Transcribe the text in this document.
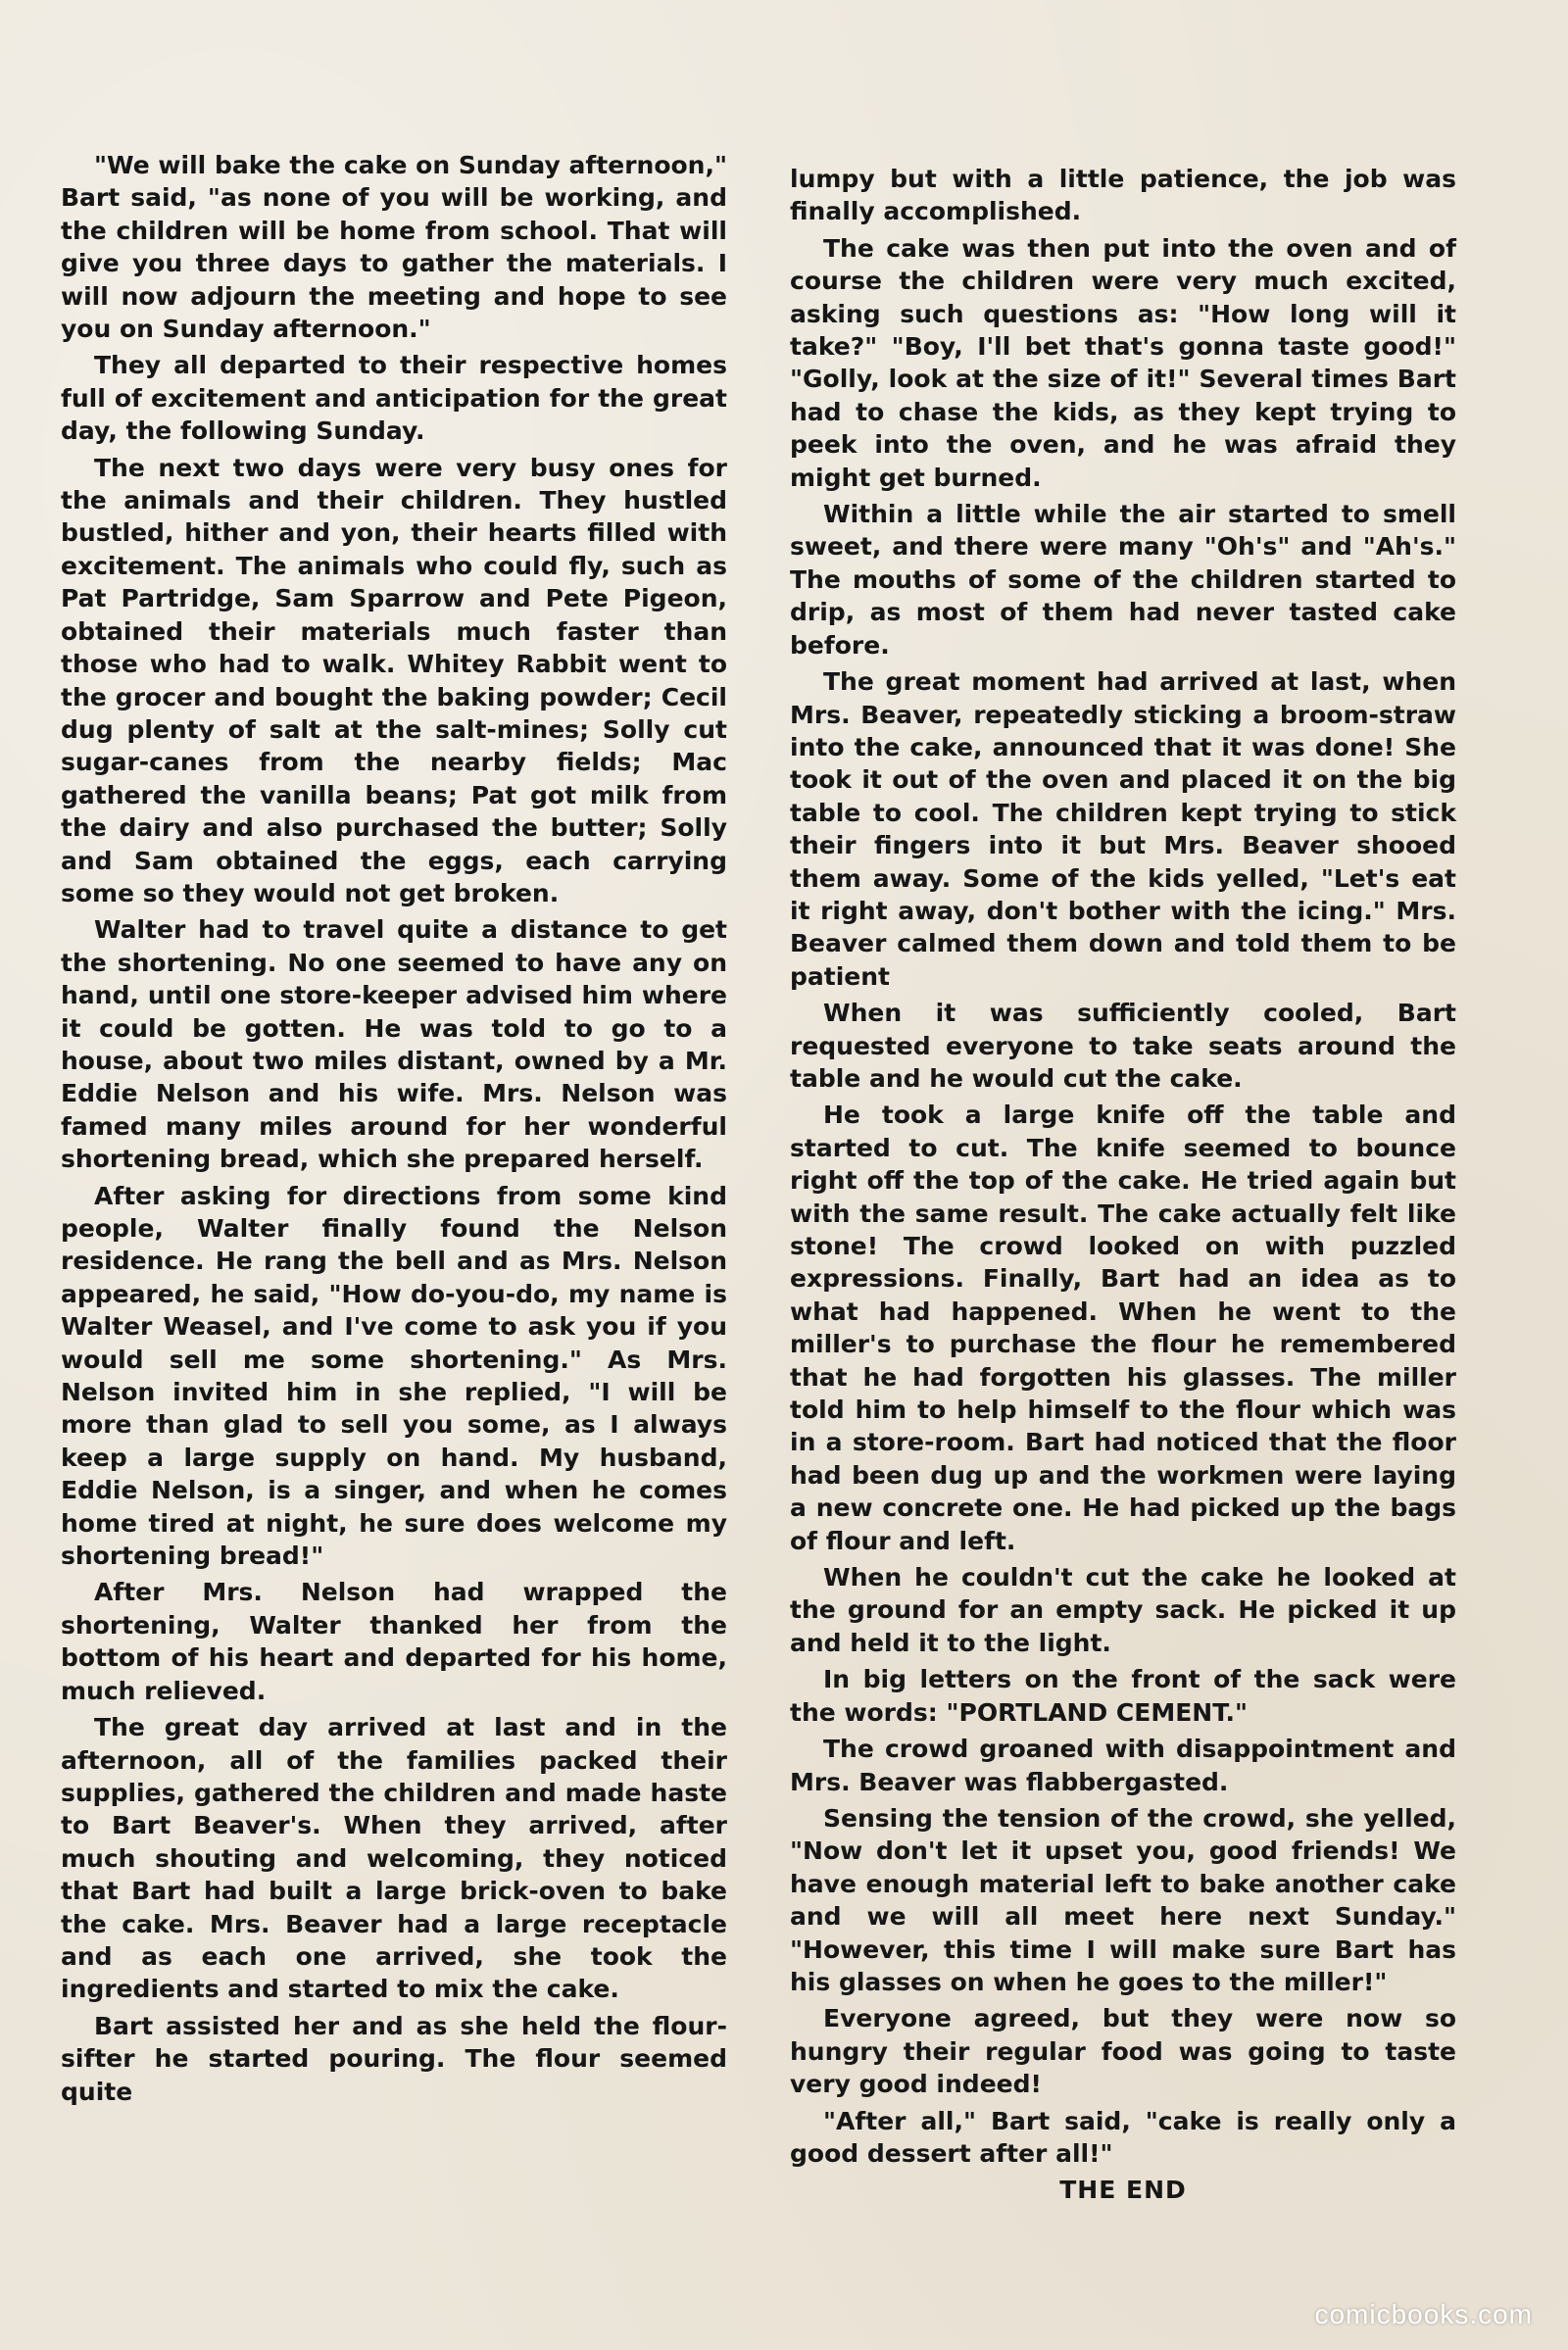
"We will bake the cake on Sunday afternoon," Bart said, "as none of you will be working, and the children will be home from school. That will give you three days to gather the materials. I will now adjourn the meeting and hope to see you on Sunday afternoon."

They all departed to their respective homes full of excitement and anticipation for the great day, the following Sunday.

The next two days were very busy ones for the animals and their children. They hustled bustled, hither and yon, their hearts filled with excitement. The animals who could fly, such as Pat Partridge, Sam Sparrow and Pete Pigeon, obtained their materials much faster than those who had to walk. Whitey Rabbit went to the grocer and bought the baking powder; Cecil dug plenty of salt at the salt-mines; Solly cut sugar-canes from the nearby fields; Mac gathered the vanilla beans; Pat got milk from the dairy and also purchased the butter; Solly and Sam obtained the eggs, each carrying some so they would not get broken.

Walter had to travel quite a distance to get the shortening. No one seemed to have any on hand, until one store-keeper advised him where it could be gotten. He was told to go to a house, about two miles distant, owned by a Mr. Eddie Nelson and his wife. Mrs. Nelson was famed many miles around for her wonderful shortening bread, which she prepared herself.

After asking for directions from some kind people, Walter finally found the Nelson residence. He rang the bell and as Mrs. Nelson appeared, he said, "How do-you-do, my name is Walter Weasel, and I've come to ask you if you would sell me some shortening." As Mrs. Nelson invited him in she replied, "I will be more than glad to sell you some, as I always keep a large supply on hand. My husband, Eddie Nelson, is a singer, and when he comes home tired at night, he sure does welcome my shortening bread!"

After Mrs. Nelson had wrapped the shortening, Walter thanked her from the bottom of his heart and departed for his home, much relieved.

The great day arrived at last and in the afternoon, all of the families packed their supplies, gathered the children and made haste to Bart Beaver's. When they arrived, after much shouting and welcoming, they noticed that Bart had built a large brick-oven to bake the cake. Mrs. Beaver had a large receptacle and as each one arrived, she took the ingredients and started to mix the cake.

Bart assisted her and as she held the flour-sifter he started pouring. The flour seemed quite

lumpy but with a little patience, the job was finally accomplished.

The cake was then put into the oven and of course the children were very much excited, asking such questions as: "How long will it take?" "Boy, I'll bet that's gonna taste good!" "Golly, look at the size of it!" Several times Bart had to chase the kids, as they kept trying to peek into the oven, and he was afraid they might get burned.

Within a little while the air started to smell sweet, and there were many "Oh's" and "Ah's." The mouths of some of the children started to drip, as most of them had never tasted cake before.

The great moment had arrived at last, when Mrs. Beaver, repeatedly sticking a broom-straw into the cake, announced that it was done! She took it out of the oven and placed it on the big table to cool. The children kept trying to stick their fingers into it but Mrs. Beaver shooed them away. Some of the kids yelled, "Let's eat it right away, don't bother with the icing." Mrs. Beaver calmed them down and told them to be patient

When it was sufficiently cooled, Bart requested everyone to take seats around the table and he would cut the cake.

He took a large knife off the table and started to cut. The knife seemed to bounce right off the top of the cake. He tried again but with the same result. The cake actually felt like stone! The crowd looked on with puzzled expressions. Finally, Bart had an idea as to what had happened. When he went to the miller's to purchase the flour he remembered that he had forgotten his glasses. The miller told him to help himself to the flour which was in a store-room. Bart had noticed that the floor had been dug up and the workmen were laying a new concrete one. He had picked up the bags of flour and left.

When he couldn't cut the cake he looked at the ground for an empty sack. He picked it up and held it to the light.

In big letters on the front of the sack were the words: "PORTLAND CEMENT."

The crowd groaned with disappointment and Mrs. Beaver was flabbergasted.

Sensing the tension of the crowd, she yelled, "Now don't let it upset you, good friends! We have enough material left to bake another cake and we will all meet here next Sunday." "However, this time I will make sure Bart has his glasses on when he goes to the miller!"

Everyone agreed, but they were now so hungry their regular food was going to taste very good indeed!

"After all," Bart said, "cake is really only a good dessert after all!"

THE END

comicbooks.com
